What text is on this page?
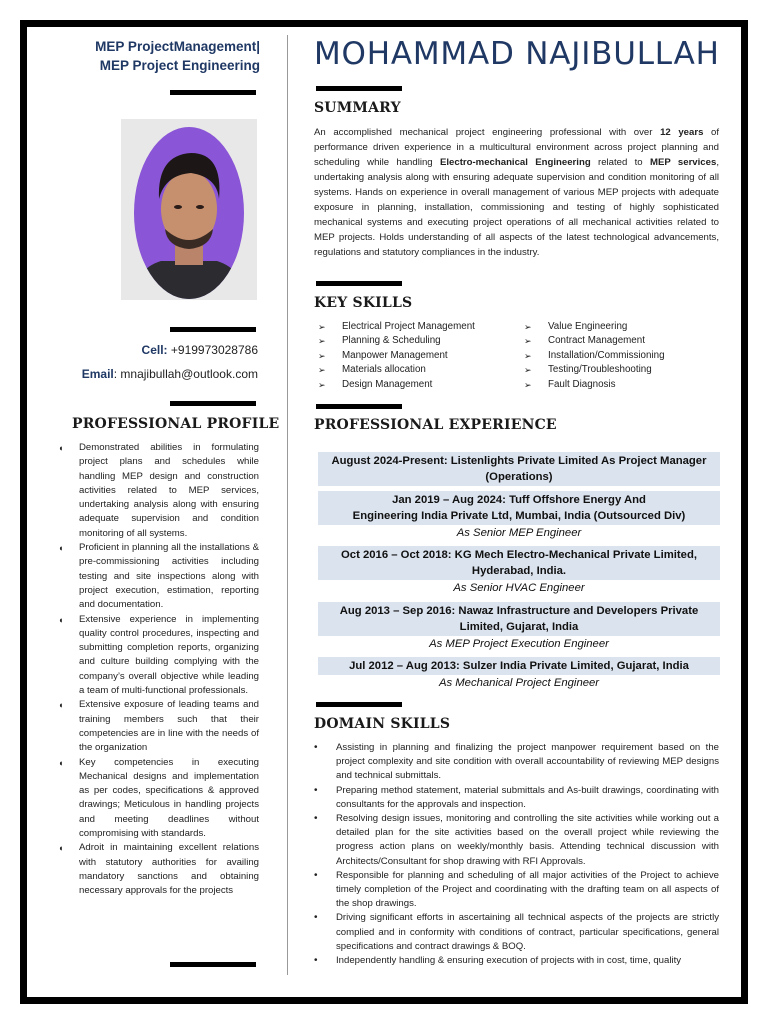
MEP ProjectManagement|
MEP Project Engineering
Cell: +919973028786
Email: mnajibullah@outlook.com
PROFESSIONAL PROFILE
◖ Demonstrated abilities in formulating project plans and schedules while handling MEP design and construction activities related to MEP services, undertaking analysis along with ensuring adequate supervision and condition monitoring of all systems.
◖ Proficient in planning all the installations & pre-commissioning activities including testing and site inspections along with project execution, estimation, reporting and documentation.
◖ Extensive experience in implementing quality control procedures, inspecting and submitting completion reports, organizing and culture building complying with the company’s overall objective while leading a team of multi-functional professionals.
◖ Extensive exposure of leading teams and training members such that their competencies are in line with the needs of the organization
◖ Key competencies in executing Mechanical designs and implementation as per codes, specifications & approved drawings; Meticulous in handling projects and meeting deadlines without compromising with standards.
◖ Adroit in maintaining excellent relations with statutory authorities for availing mandatory sanctions and obtaining necessary approvals for the projects
MOHAMMAD NAJIBULLAH
SUMMARY
An accomplished mechanical project engineering professional with over 12 years of performance driven experience in a multicultural environment across project planning and scheduling while handling Electro-mechanical Engineering related to MEP services, undertaking analysis along with ensuring adequate supervision and condition monitoring of all systems. Hands on experience in overall management of various MEP projects with adequate exposure in planning, installation, commissioning and testing of highly sophisticated mechanical systems and executing project operations of all mechanical activities related to MEP projects. Holds understanding of all aspects of the latest technological advancements, regulations and statutory compliances in the industry.
KEY SKILLS
➢ Electrical Project Management
➢ Planning & Scheduling
➢ Manpower Management
➢ Materials allocation
➢ Design Management
➢ Value Engineering
➢ Contract Management
➢ Installation/Commissioning
➢ Testing/Troubleshooting
➢ Fault Diagnosis
PROFESSIONAL EXPERIENCE
August 2024-Present: Listenlights Private Limited As Project Manager
(Operations)
Jan 2019 – Aug 2024: Tuff Offshore Energy And
Engineering India Private Ltd, Mumbai, India (Outsourced Div)
As Senior MEP Engineer
Oct 2016 – Oct 2018: KG Mech Electro-Mechanical Private Limited,
Hyderabad, India.
As Senior HVAC Engineer
Aug 2013 – Sep 2016: Nawaz Infrastructure and Developers Private
Limited, Gujarat, India
As MEP Project Execution Engineer
Jul 2012 – Aug 2013: Sulzer India Private Limited, Gujarat, India
As Mechanical Project Engineer
DOMAIN SKILLS
• Assisting in planning and finalizing the project manpower requirement based on the project complexity and site condition with overall accountability of reviewing MEP designs and technical submittals.
• Preparing method statement, material submittals and As-built drawings, coordinating with consultants for the approvals and inspection.
• Resolving design issues, monitoring and controlling the site activities while working out a detailed plan for the site activities based on the overall project while reviewing the progress action plans on weekly/monthly basis. Attending technical discussion with Architects/Consultant for shop drawing with RFI Approvals.
• Responsible for planning and scheduling of all major activities of the Project to achieve timely completion of the Project and coordinating with the drafting team on all aspects of the shop drawings.
• Driving significant efforts in ascertaining all technical aspects of the projects are strictly complied and in conformity with conditions of contract, particular specifications, general specifications and contract drawings & BOQ.
• Independently handling & ensuring execution of projects with in cost, time, quality
